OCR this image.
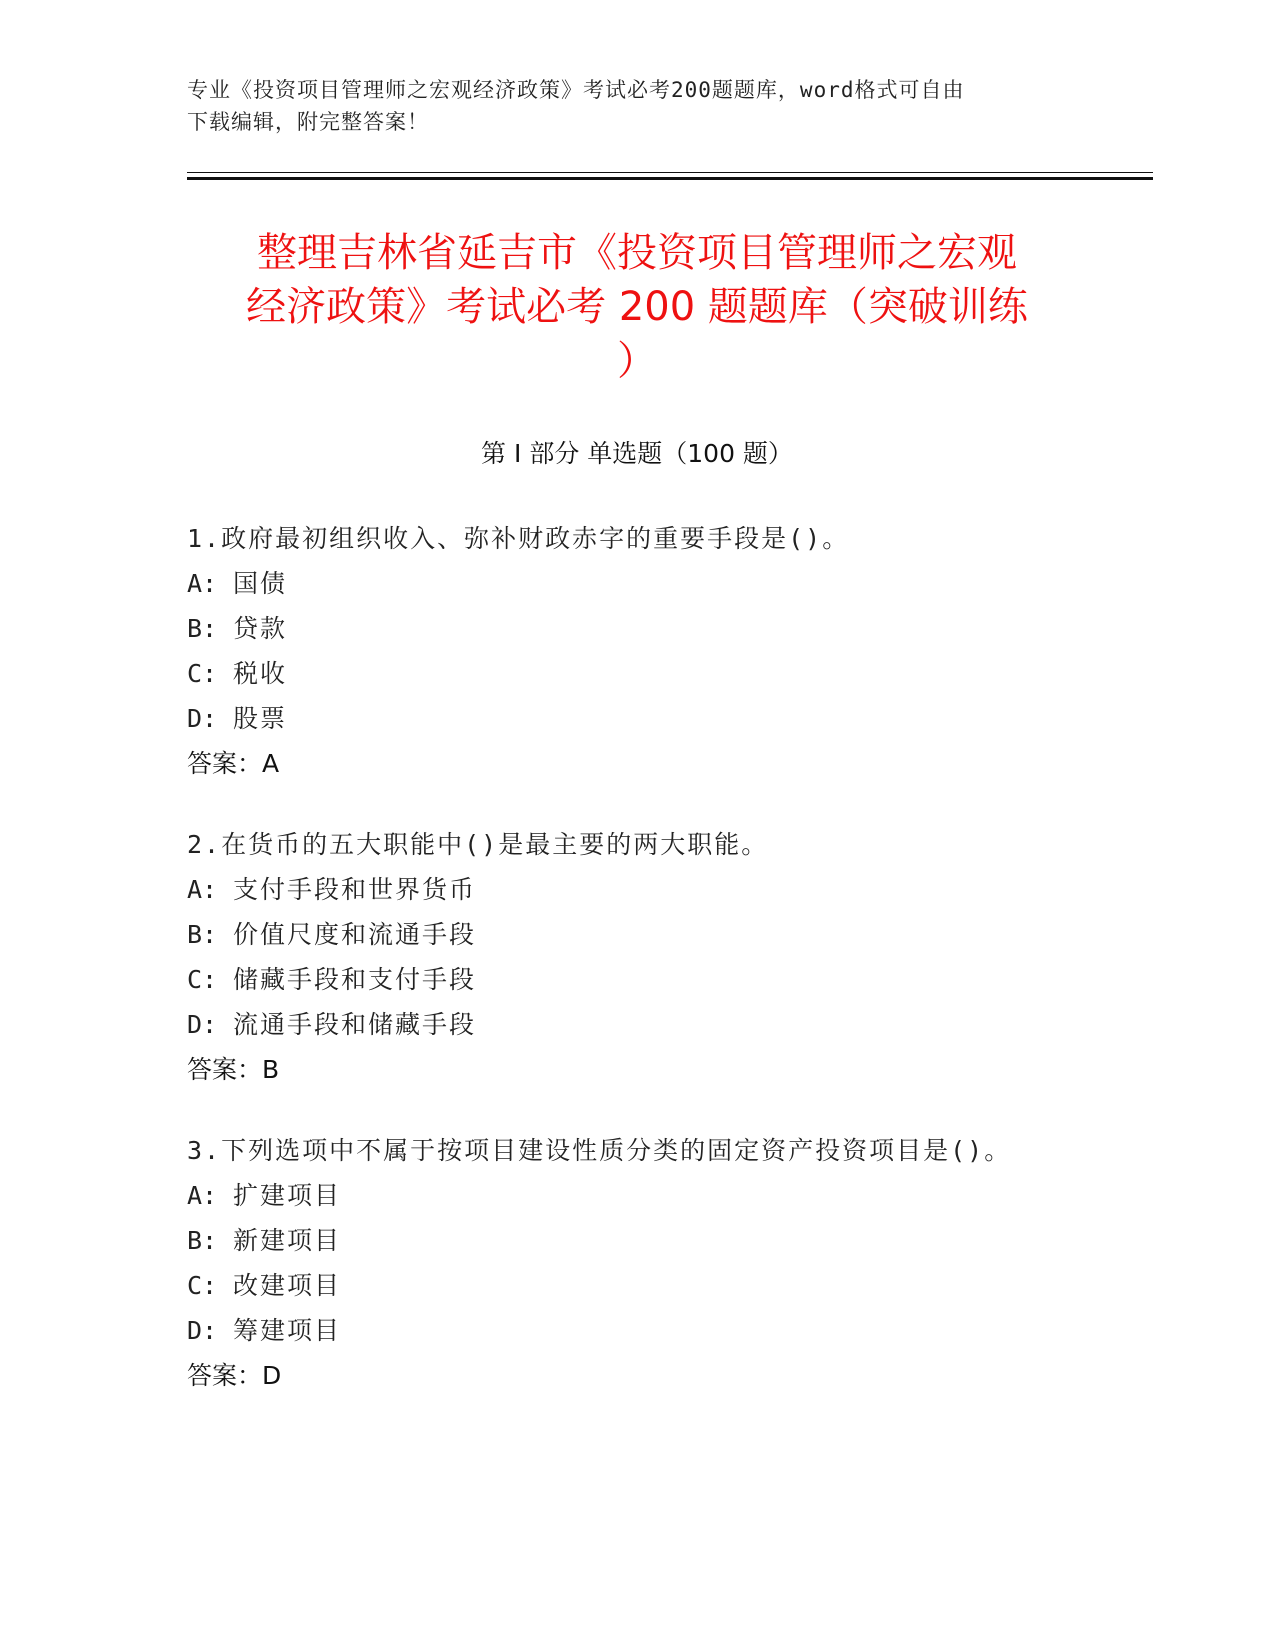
专业《投资项目管理师之宏观经济政策》考试必考200题题库，word格式可自由
下载编辑，附完整答案！
整理吉林省延吉市《投资项目管理师之宏观
经济政策》考试必考 200 题题库（突破训练
）
第 I 部分 单选题（100 题）
1.政府最初组织收入、弥补财政赤字的重要手段是()。
A: 国债
B: 贷款
C: 税收
D: 股票
答案：A
2.在货币的五大职能中()是最主要的两大职能。
A: 支付手段和世界货币
B: 价值尺度和流通手段
C: 储藏手段和支付手段
D: 流通手段和储藏手段
答案：B
3.下列选项中不属于按项目建设性质分类的固定资产投资项目是()。
A: 扩建项目
B: 新建项目
C: 改建项目
D: 筹建项目
答案：D
